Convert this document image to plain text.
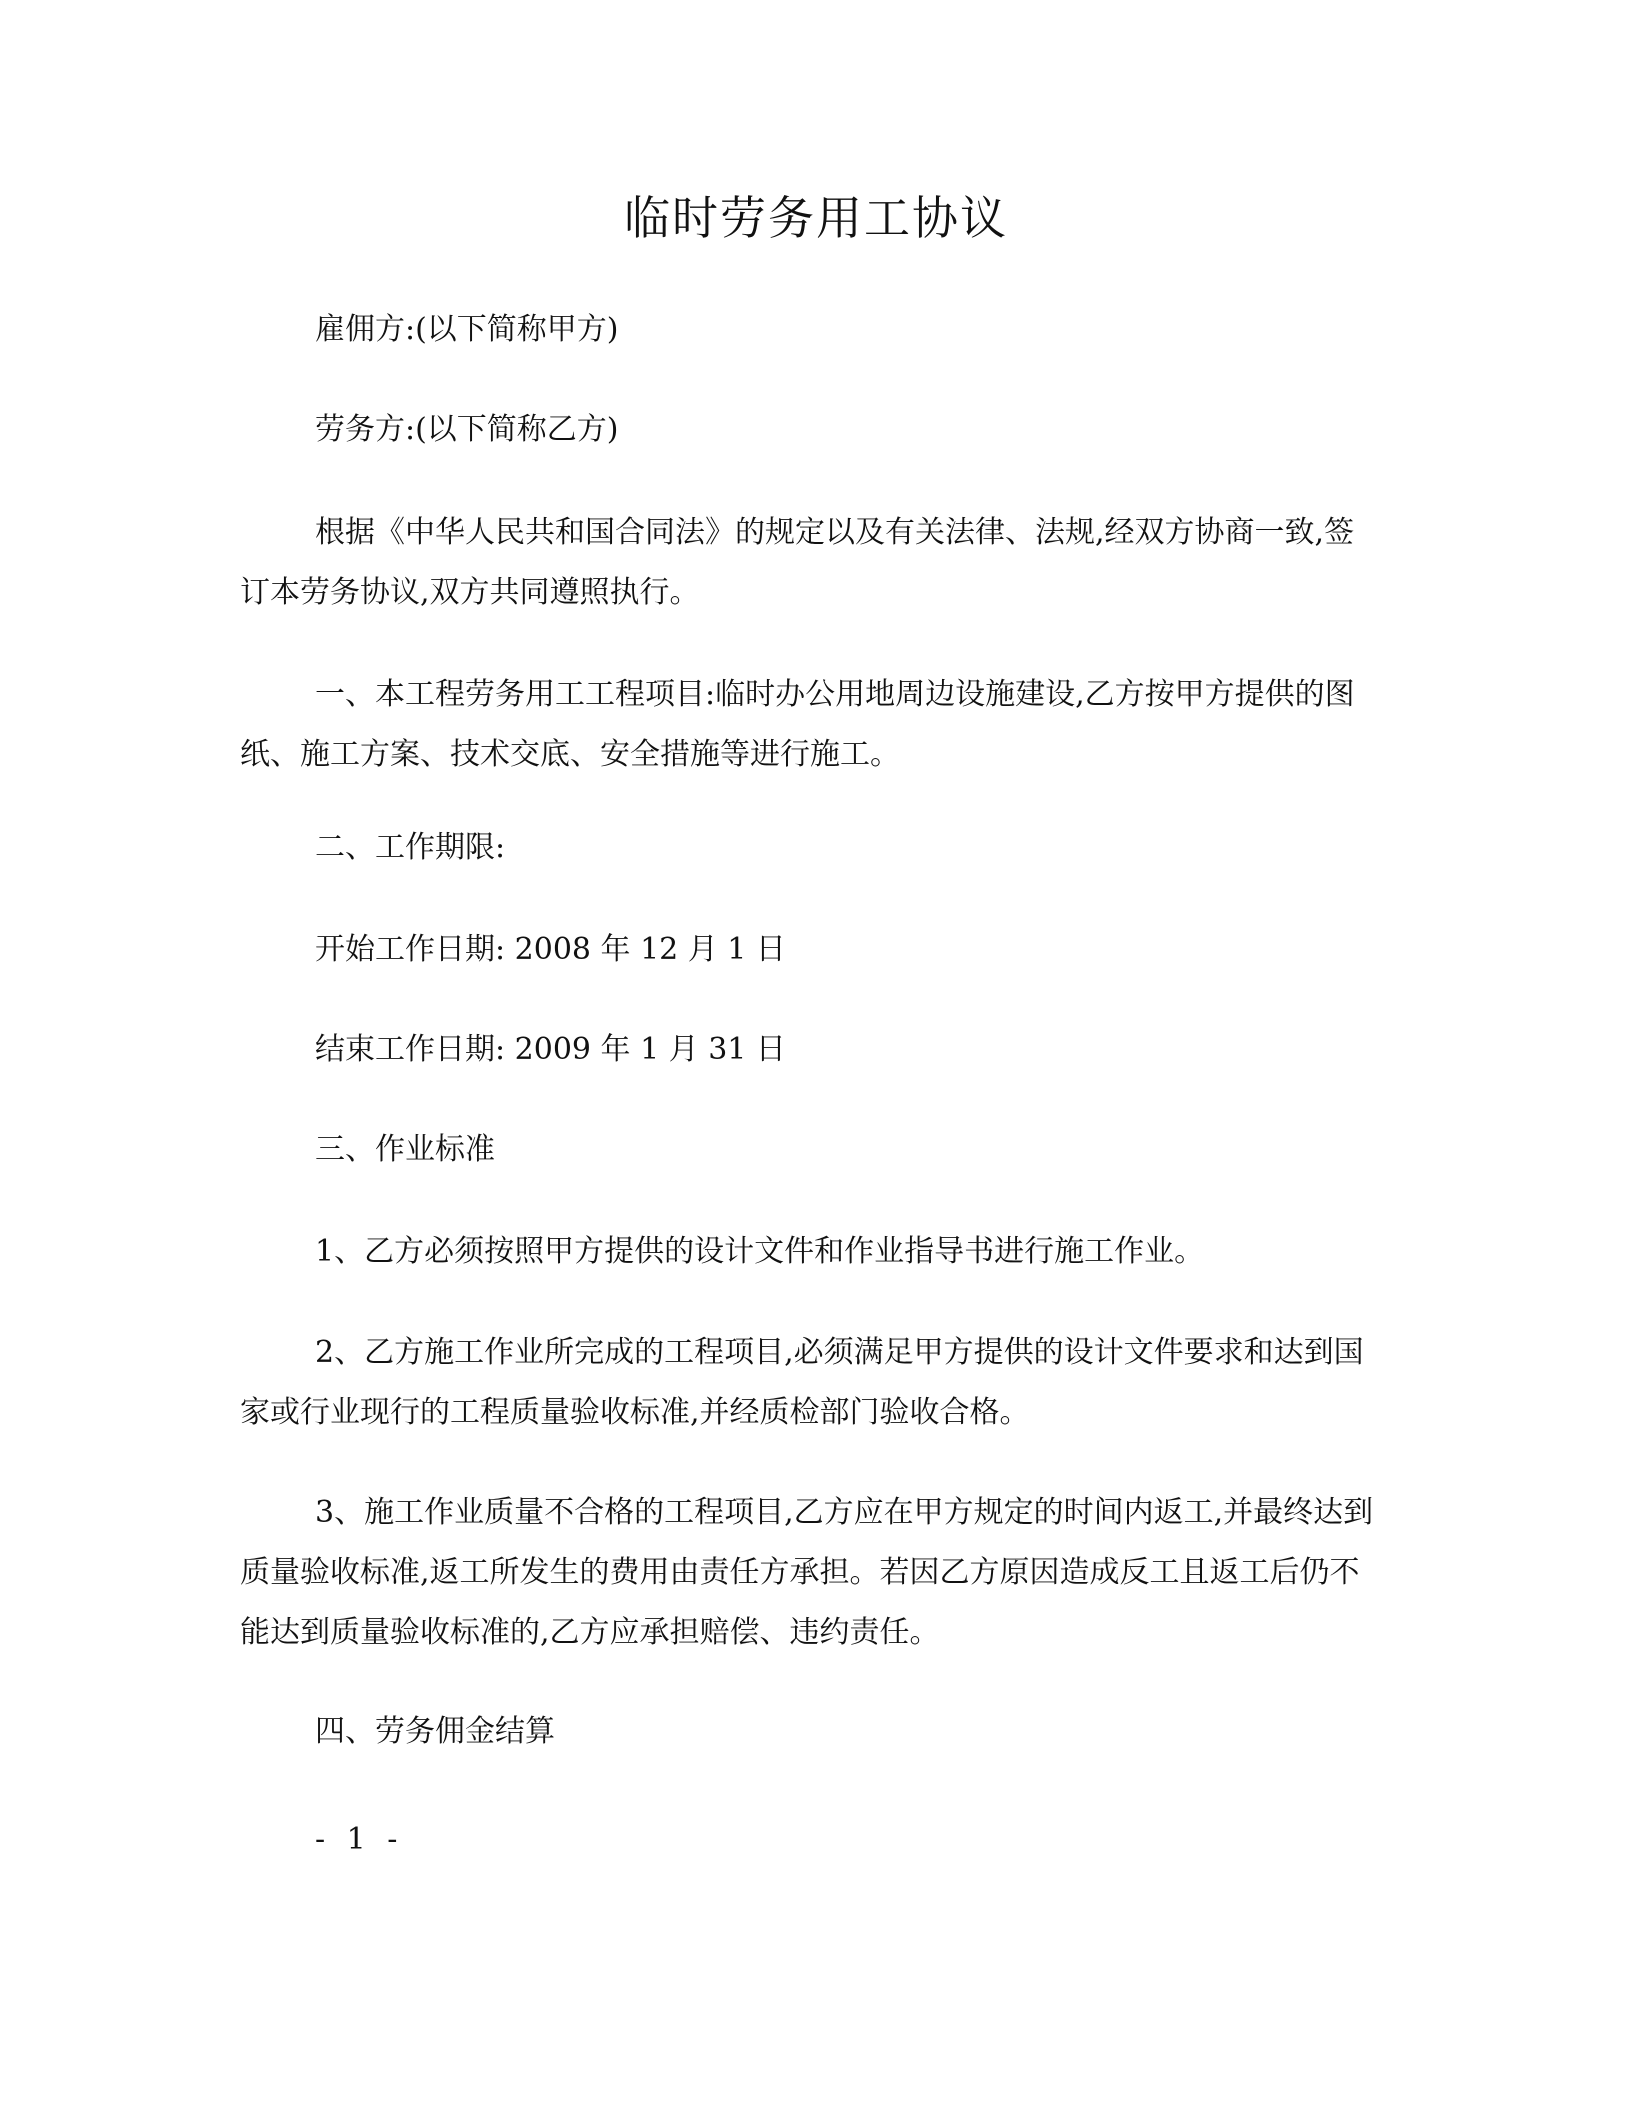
临时劳务用工协议

雇佣方:(以下简称甲方)

劳务方:(以下简称乙方)

根据《中华人民共和国合同法》的规定以及有关法律、法规,经双方协商一致,签订本劳务协议,双方共同遵照执行。

一、本工程劳务用工工程项目:临时办公用地周边设施建设,乙方按甲方提供的图纸、施工方案、技术交底、安全措施等进行施工。

二、工作期限:

开始工作日期: 2008 年 12 月 1 日

结束工作日期: 2009 年 1 月 31 日

三、作业标准

1、乙方必须按照甲方提供的设计文件和作业指导书进行施工作业。

2、乙方施工作业所完成的工程项目,必须满足甲方提供的设计文件要求和达到国家或行业现行的工程质量验收标准,并经质检部门验收合格。

3、施工作业质量不合格的工程项目,乙方应在甲方规定的时间内返工,并最终达到质量验收标准,返工所发生的费用由责任方承担。若因乙方原因造成反工且返工后仍不能达到质量验收标准的,乙方应承担赔偿、违约责任。

四、劳务佣金结算

- 1 -
